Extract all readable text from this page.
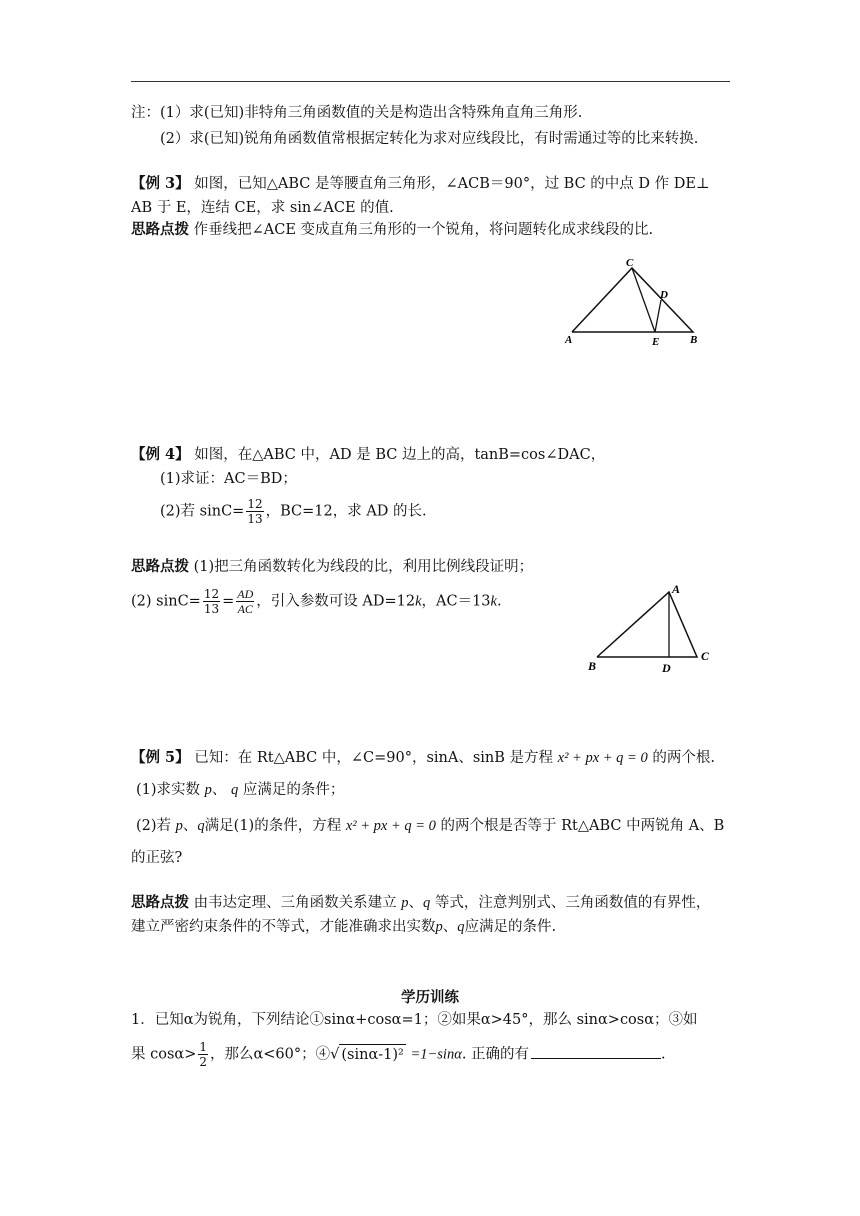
注：(1）求(已知)非特角三角函数值的关是构造出含特殊角直角三角形.
(2）求(已知)锐角角函数值常根据定转化为求对应线段比，有时需通过等的比来转换.
【例 3】 如图，已知△ABC 是等腰直角三角形，∠ACB＝90°，过 BC 的中点 D 作 DE⊥
AB 于 E，连结 CE，求 sin∠ACE 的值.
思路点拨 作垂线把∠ACE 变成直角三角形的一个锐角，将问题转化成求线段的比.
C
D
A	E	B
【例 4】 如图，在△ABC 中，AD 是 BC 边上的高，tanB=cos∠DAC，
(1)求证：AC＝BD；
(2)若 $\sin C= \frac{12}{13}$ ，BC=12，求 AD 的长.
思路点拨 (1)把三角函数转化为线段的比，利用比例线段证明；
(2) $\sin C= \frac{12}{13} = \frac{AD}{AC}$ ，引入参数可设 AD=12k，AC＝13k.
A
B	D
C
【例 5】 已知：在 Rt△ABC 中，∠C=90°，sinA、sinB 是方程 x² + px + q = 0 的两个根.
(1)求实数 p、 q 应满足的条件；
(2)若 p、q满足(1)的条件，方程 x² + px + q = 0 的两个根是否等于 Rt△ABC 中两锐角 A、B
的正弦?
思路点拨 由韦达定理、三角函数关系建立 p、q 等式，注意判别式、三角函数值的有界性，
建立严密约束条件的不等式，才能准确求出实数p、q应满足的条件.
学历训练
1．已知α为锐角，下列结论①sinα+cosα=1；②如果α>45°，那么 sinα>cosα；③如
果 $\cos\alpha> \frac{1}{2}$ ，那么α<60°；④√ (sinα-1)² =1−sinα. 正确的有	.
